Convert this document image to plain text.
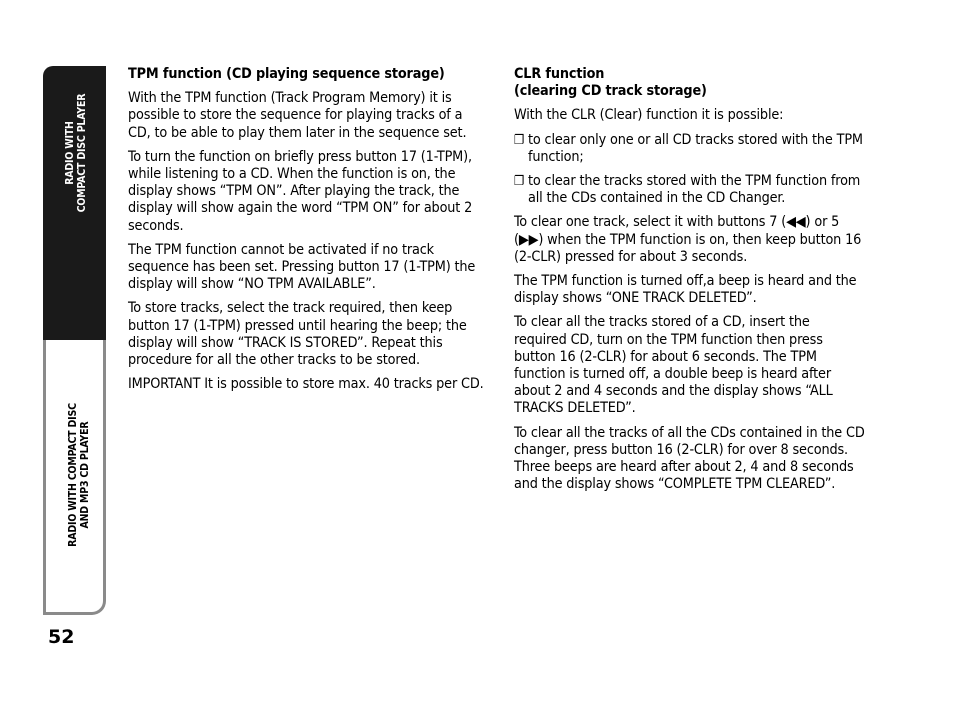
RADIO WITH COMPACT DISC PLAYER
RADIO WITH COMPACT DISC AND MP3 CD PLAYER
52
TPM function (CD playing sequence storage)

With the TPM function (Track Program Memory) it is possible to store the sequence for playing tracks of a CD, to be able to play them later in the sequence set.

To turn the function on briefly press button 17 (1-TPM), while listening to a CD. When the function is on, the display shows “TPM ON”. After playing the track, the display will show again the word “TPM ON” for about 2 seconds.

The TPM function cannot be activated if no track sequence has been set. Pressing button 17 (1-TPM) the display will show “NO TPM AVAILABLE”.

To store tracks, select the track required, then keep button 17 (1-TPM) pressed until hearing the beep; the display will show “TRACK IS STORED”. Repeat this procedure for all the other tracks to be stored.

IMPORTANT It is possible to store max. 40 tracks per CD.

CLR function
(clearing CD track storage)

With the CLR (Clear) function it is possible:

❐ to clear only one or all CD tracks stored with the TPM function;
❐ to clear the tracks stored with the TPM function from all the CDs contained in the CD Changer.

To clear one track, select it with buttons 7 (◀◀) or 5 (▶▶) when the TPM function is on, then keep button 16 (2-CLR) pressed for about 3 seconds.

The TPM function is turned off,a beep is heard and the display shows “ONE TRACK DELETED”.

To clear all the tracks stored of a CD, insert the required CD, turn on the TPM function then press button 16 (2-CLR) for about 6 seconds. The TPM function is turned off, a double beep is heard after about 2 and 4 seconds and the display shows “ALL TRACKS DELETED”.

To clear all the tracks of all the CDs contained in the CD changer, press button 16 (2-CLR) for over 8 seconds. Three beeps are heard after about 2, 4 and 8 seconds and the display shows “COMPLETE TPM CLEARED”.
